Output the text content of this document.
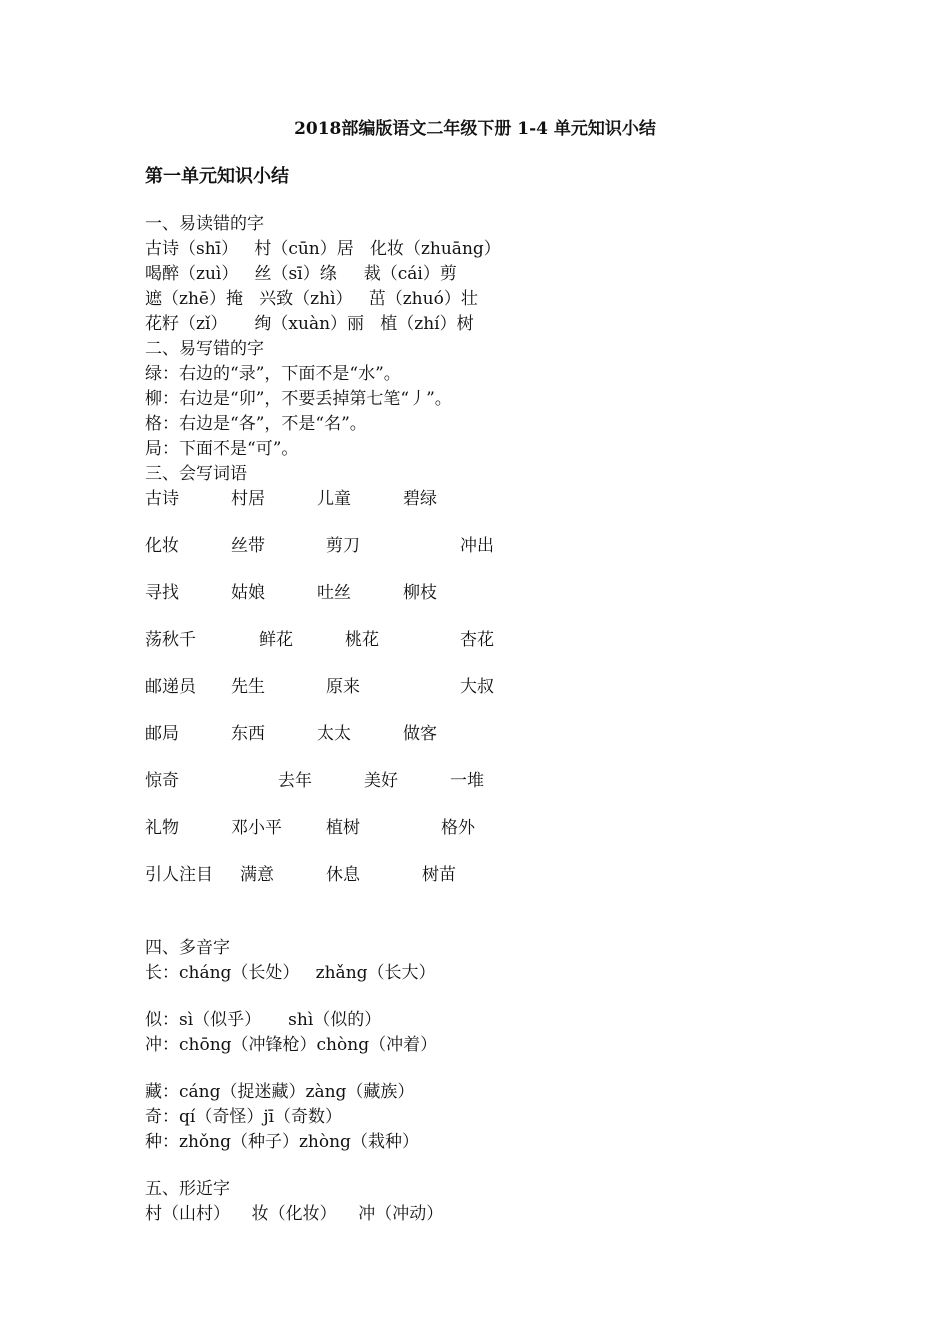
2018部编版语文二年级下册 1-4 单元知识小结
第一单元知识小结
一、易读错的字
古诗（shī）   村（cūn）居   化妆（zhuāng）
喝醉（zuì）   丝（sī）绦     裁（cái）剪
遮（zhē）掩   兴致（zhì）   茁（zhuó）壮
花籽（zǐ）     绚（xuàn）丽   植（zhí）树
二、易写错的字
绿：右边的“录”，下面不是“水”。
柳：右边是“卯”，不要丢掉第七笔“丿”。
格：右边是“各”，不是“名”。
局：下面不是“可”。
三、会写词语
古诗	村居	儿童	碧绿
化妆	丝带	剪刀	冲出
寻找	姑娘	吐丝	柳枝
荡秋千	鲜花	桃花	杏花
邮递员 先生	原来	大叔
邮局	东西	太太	做客
惊奇	去年	美好	一堆
礼物	邓小平	植树	格外
引人注目 满意	休息	树苗
四、多音字
长：cháng（长处）   zhǎng（长大）
似：sì（似乎）     shì（似的）
冲：chōng（冲锋枪）chòng（冲着）
藏：cáng（捉迷藏）zàng（藏族）
奇：qí（奇怪）jī（奇数）
种：zhǒng（种子）zhòng（栽种）
五、形近字
村（山村）    妆（化妆）    冲（冲动）
